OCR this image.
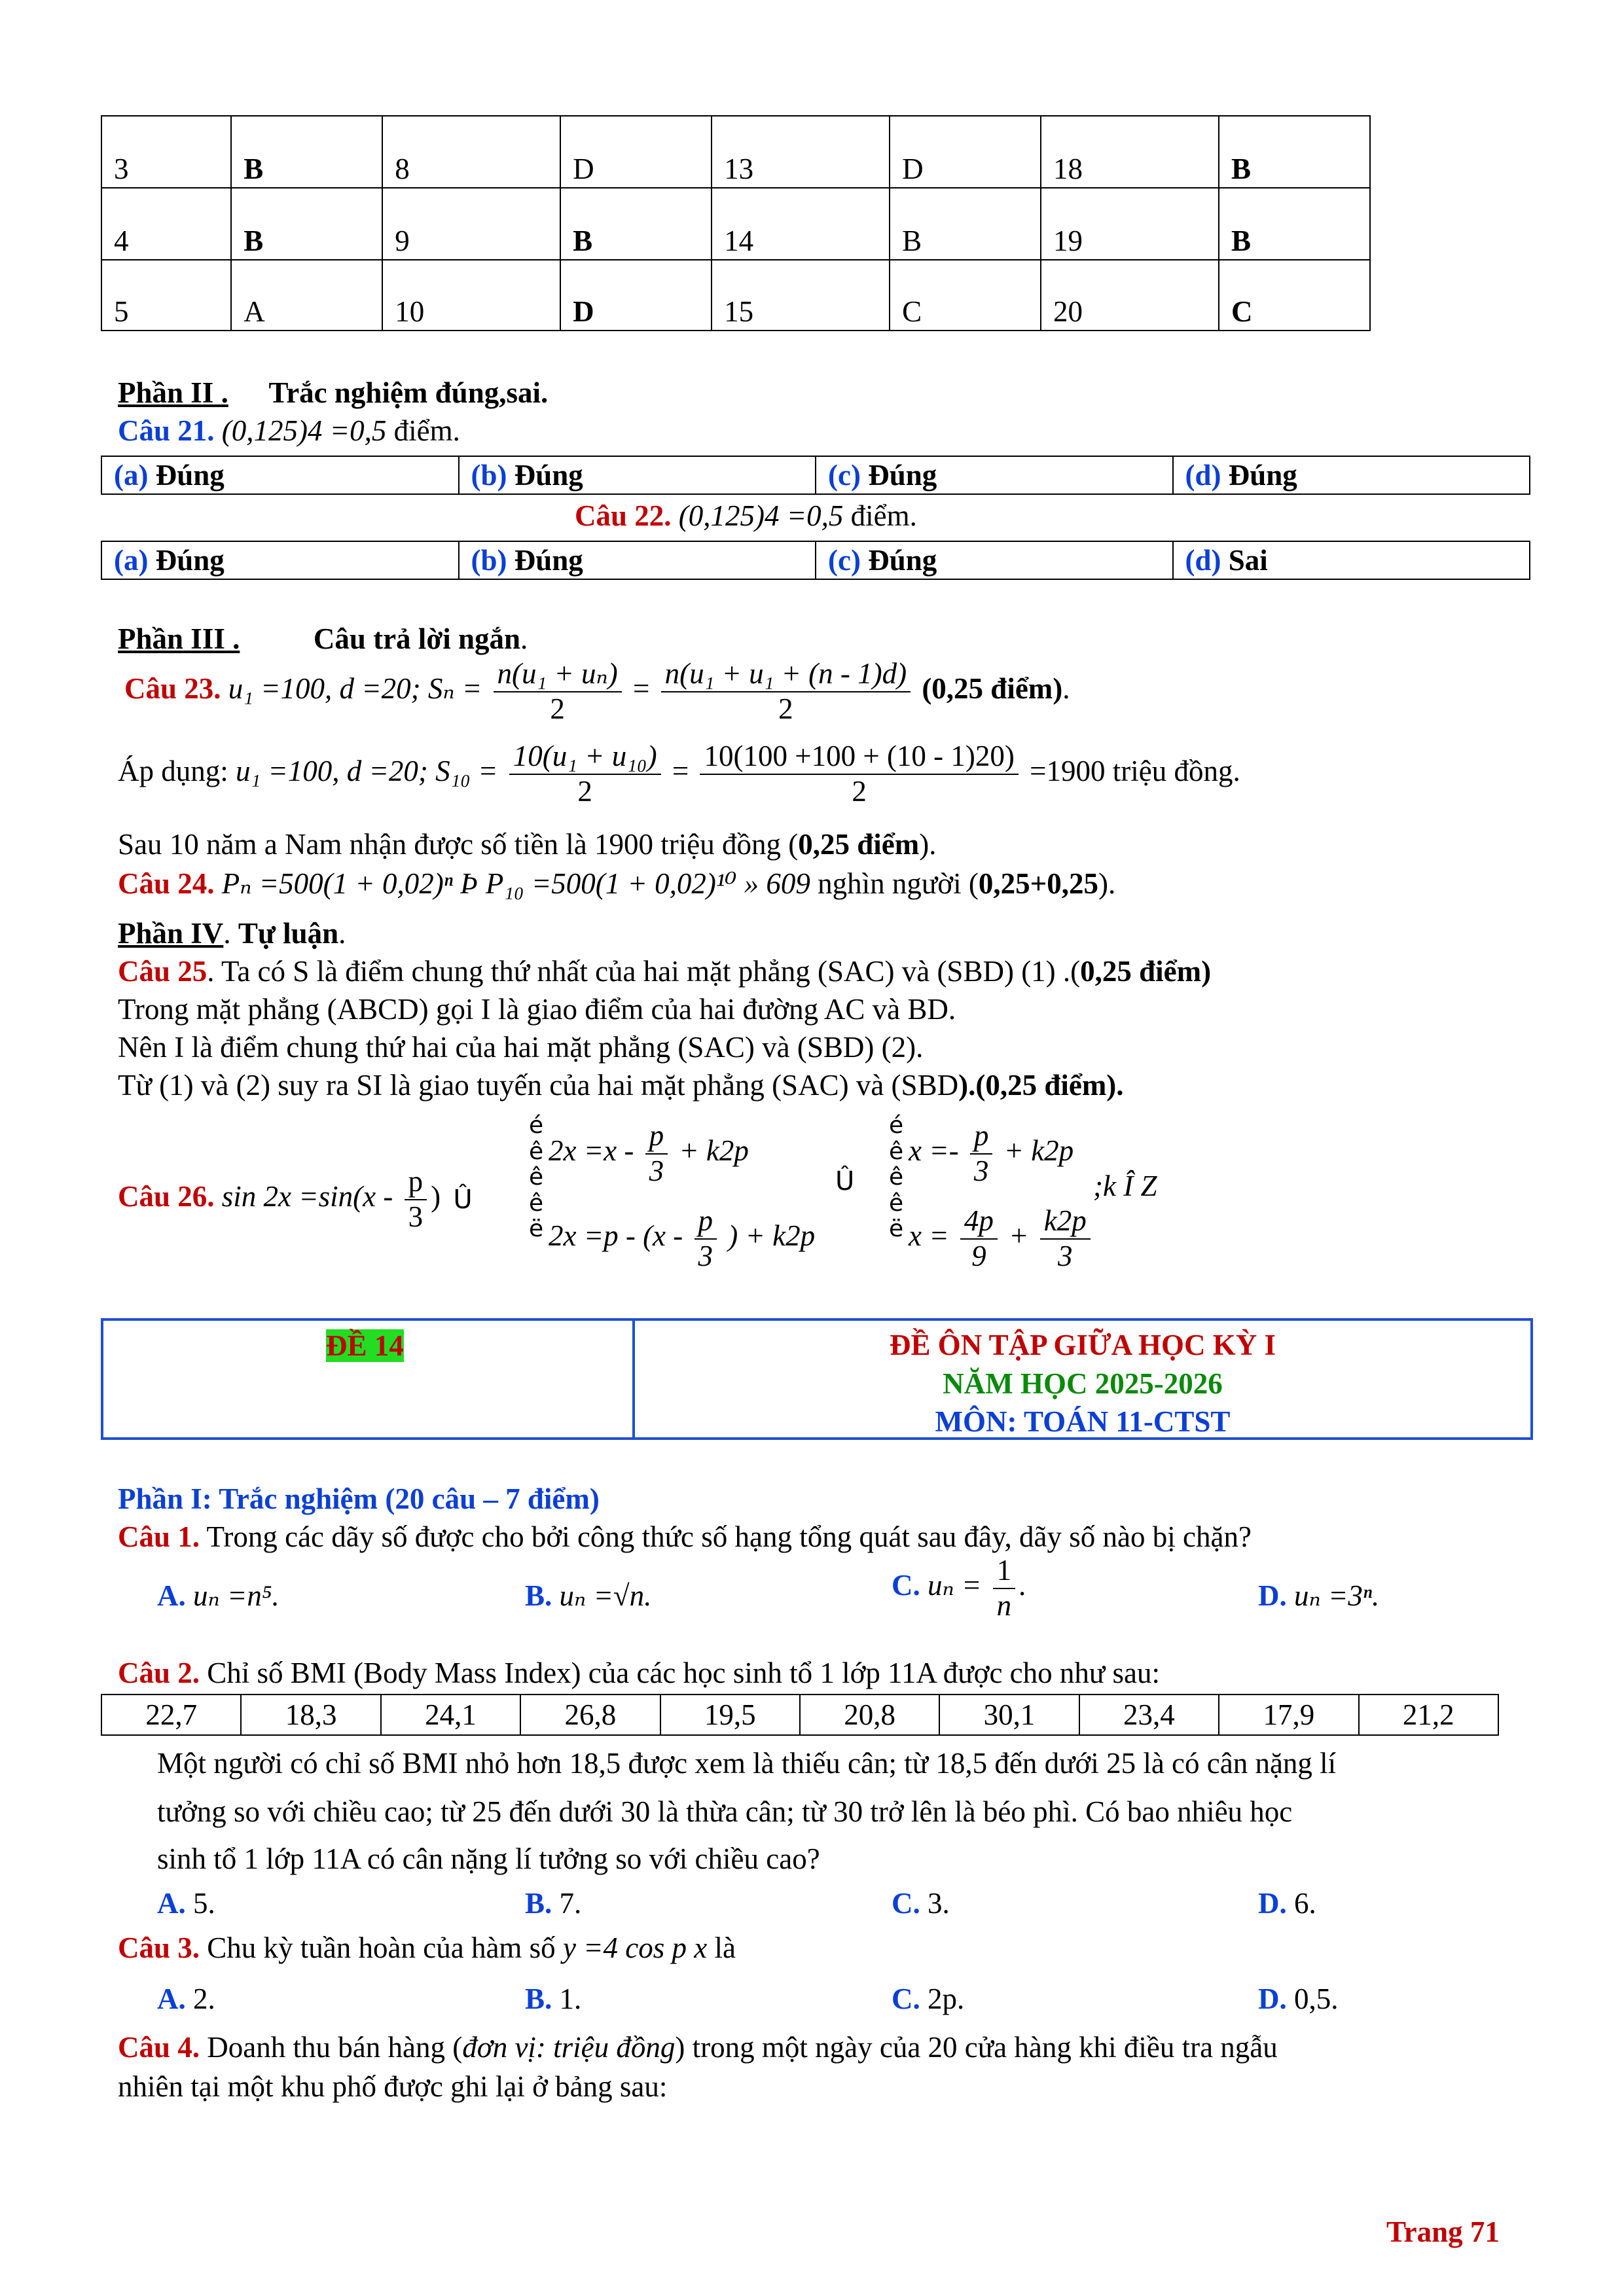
3	B	8	D	13	D	18	B
4	B	9	B	14	B	19	B
5	A	10	D	15	C	20	C
Phần II . Trắc nghiệm đúng,sai.
Câu 21. (0,125)4 =0,5 điểm.
(a) Đúng	(b) Đúng	(c) Đúng	(d) Đúng
Câu 22. (0,125)4 =0,5 điểm.
(a) Đúng	(b) Đúng	(c) Đúng	(d) Sai
Phần III .	Câu trả lời ngắn.
Câu 23. u₁ =100, d =20; $S_n = \frac{\text{n(u₁ + uₙ)}}{2} = \frac{\text{n(u₁ + u₁ + (n - 1)d)}}{2} (0,25$ điểm).
Áp dụng: u₁ =100, d =20; $S_{10} = \frac{\text{10(u₁ + u₁₀)}}{2} = \frac{10(100 +100 + (10 - 1)20)}{2} =1900$ triệu đồng.
Sau 10 năm a Nam nhận được số tiền là 1900 triệu đồng (0,25 điểm).
Câu 24. Pₙ =500(1 + 0,02)ⁿ Þ P₁₀ =500(1 + 0,02)¹⁰ » 609 nghìn người (0,25+0,25).
Phần IV. Tự luận.
Câu 25. Ta có S là điểm chung thứ nhất của hai mặt phẳng (SAC) và (SBD) (1) .(0,25 điểm)
Trong mặt phẳng (ABCD) gọi I là giao điểm của hai đường AC và BD.
Nên I là điểm chung thứ hai của hai mặt phẳng (SAC) và (SBD) (2).
Từ (1) và (2) suy ra SI là giao tuyến của hai mặt phẳng (SAC) và (SBD).(0,25 điểm).
Câu 26. $\sin 2x =\sin(x - \frac{p}{3}$ ) Û
é
ê
ê
ê
ë
$2x =x - \frac{p}{3} + k2p$
$2x =p - (x - \frac{p}{3}$ ) + k2p
Û
é
ê
ê
ê
ë
$x =- \frac{p}{3} + k2p$
$x = \frac{4p}{9} + \frac{k2p}{3}$
;k Î Z
ĐỀ 14	ĐỀ ÔN TẬP GIỮA HỌC KỲ I
NĂM HỌC 2025-2026
MÔN: TOÁN 11-CTST
Phần I: Trắc nghiệm (20 câu – 7 điểm)
Câu 1. Trong các dãy số được cho bởi công thức số hạng tổng quát sau đây, dãy số nào bị chặn?
A. uₙ =n⁵.	B. uₙ =√n.	C. $u_n = \frac{1}{n}$ .	D. uₙ =3ⁿ.
Câu 2. Chỉ số BMI (Body Mass Index) của các học sinh tổ 1 lớp 11A được cho như sau:
22,7	18,3	24,1	26,8	19,5	20,8	30,1	23,4	17,9	21,2
Một người có chỉ số BMI nhỏ hơn 18,5 được xem là thiếu cân; từ 18,5 đến dưới 25 là có cân nặng lí
tưởng so với chiều cao; từ 25 đến dưới 30 là thừa cân; từ 30 trở lên là béo phì. Có bao nhiêu học
sinh tổ 1 lớp 11A có cân nặng lí tưởng so với chiều cao?
A. 5.	B. 7.	C. 3.	D. 6.
Câu 3. Chu kỳ tuần hoàn của hàm số y =4 cos p x là
A. 2.	B. 1.	C. 2p.	D. 0,5.
Câu 4. Doanh thu bán hàng (đơn vị: triệu đồng) trong một ngày của 20 cửa hàng khi điều tra ngẫu
nhiên tại một khu phố được ghi lại ở bảng sau:
Trang 71
